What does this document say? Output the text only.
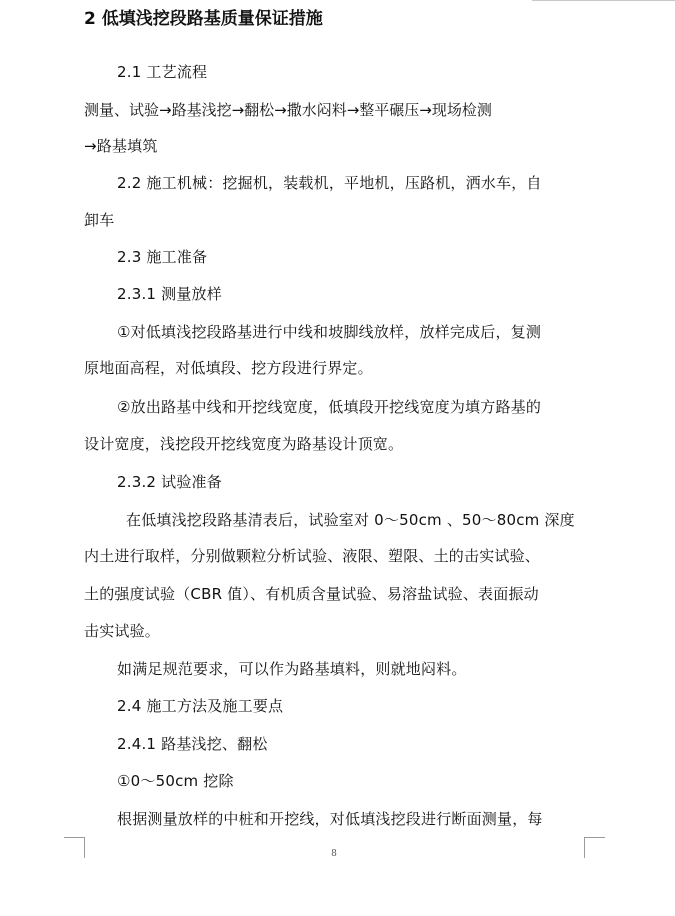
2 低填浅挖段路基质量保证措施
2.1 工艺流程
测量、试验→路基浅挖→翻松→撒水闷料→整平碾压→现场检测
→路基填筑
2.2 施工机械：挖掘机，装载机，平地机，压路机，洒水车，自
卸车
2.3 施工准备
2.3.1 测量放样
①对低填浅挖段路基进行中线和坡脚线放样，放样完成后，复测
原地面高程，对低填段、挖方段进行界定。
②放出路基中线和开挖线宽度，低填段开挖线宽度为填方路基的
设计宽度，浅挖段开挖线宽度为路基设计顶宽。
2.3.2 试验准备
在低填浅挖段路基清表后，试验室对 0～50cm 、50～80cm 深度
内土进行取样，分别做颗粒分析试验、液限、塑限、土的击实试验、
土的强度试验（CBR 值）、有机质含量试验、易溶盐试验、表面振动
击实试验。
如满足规范要求，可以作为路基填料，则就地闷料。
2.4 施工方法及施工要点
2.4.1 路基浅挖、翻松
①0～50cm 挖除
根据测量放样的中桩和开挖线，对低填浅挖段进行断面测量，每
8
